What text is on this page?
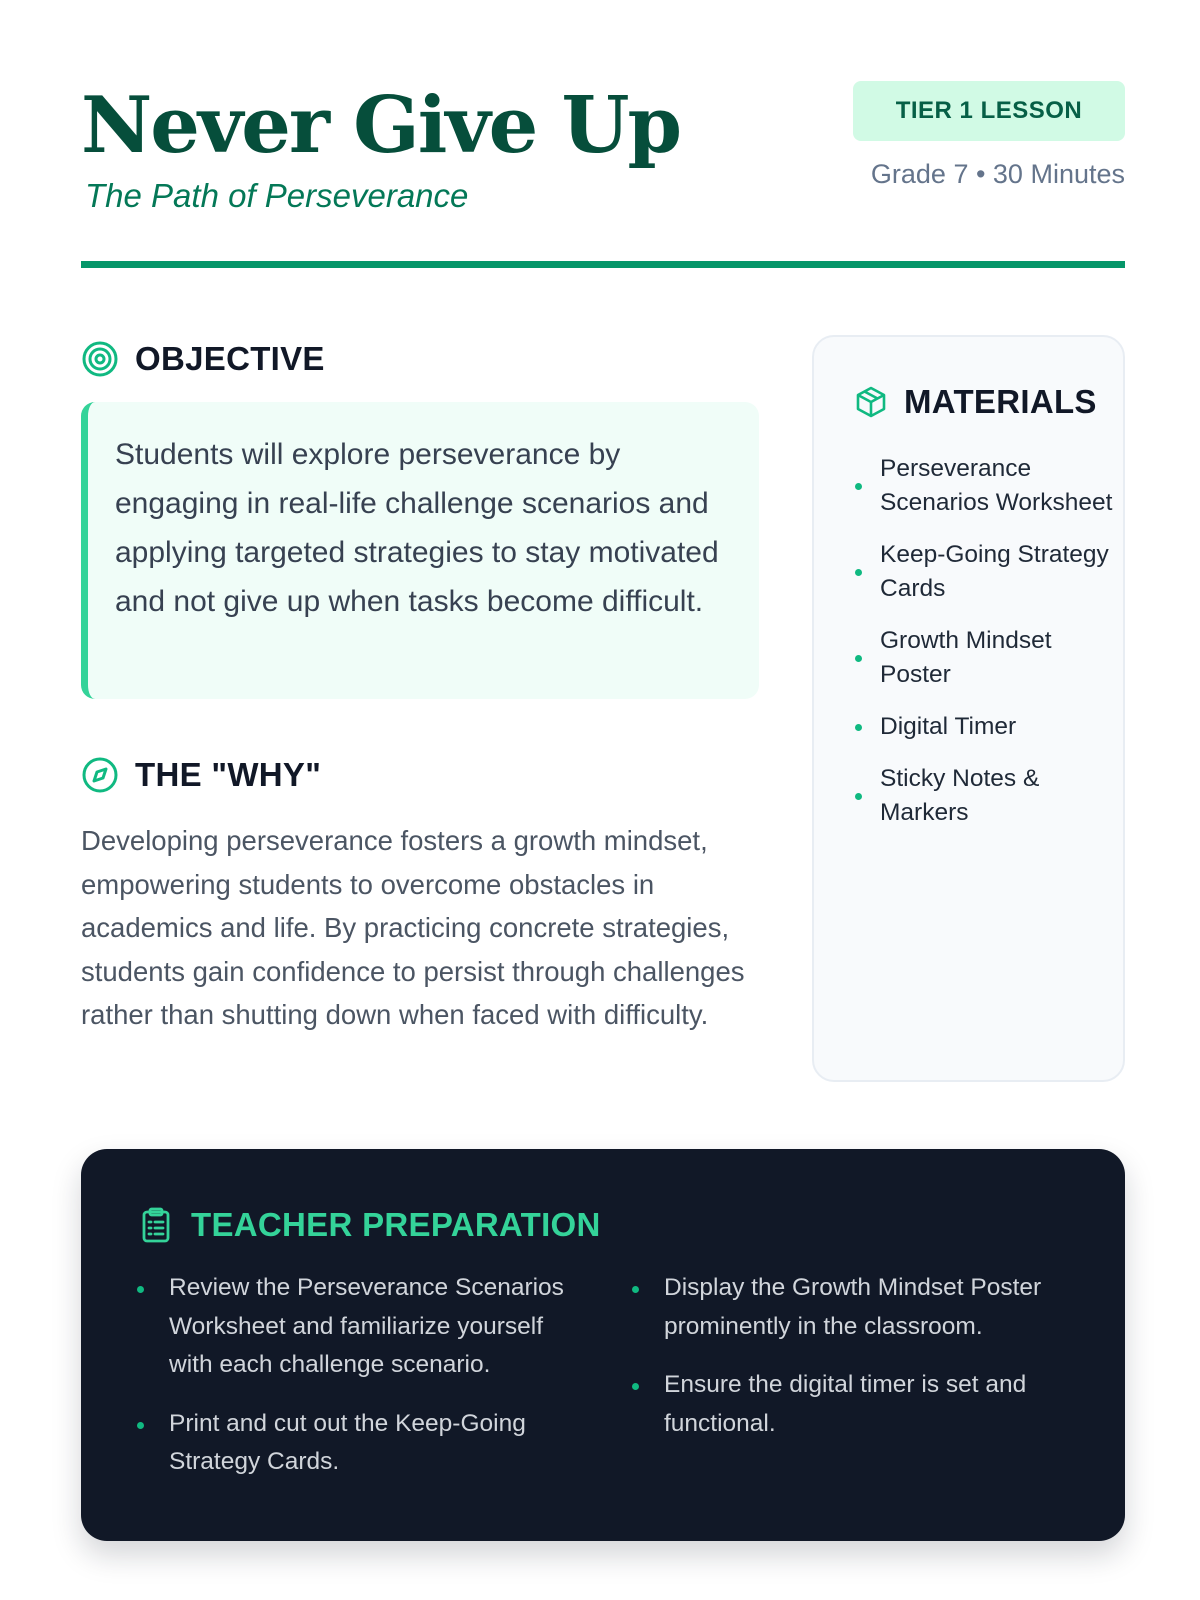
Never Give Up
The Path of Perseverance
TIER 1 LESSON
Grade 7 • 30 Minutes
OBJECTIVE

Students will explore perseverance by engaging in real-life challenge scenarios and applying targeted strategies to stay motivated and not give up when tasks become difficult.

THE "WHY"

Developing perseverance fosters a growth mindset, empowering students to overcome obstacles in academics and life. By practicing concrete strategies, students gain confidence to persist through challenges rather than shutting down when faced with difficulty.

MATERIALS
Perseverance Scenarios Worksheet
Keep-Going Strategy Cards
Growth Mindset Poster
Digital Timer
Sticky Notes & Markers
TEACHER PREPARATION
Review the Perseverance Scenarios Worksheet and familiarize yourself with each challenge scenario.
Print and cut out the Keep-Going Strategy Cards.
Display the Growth Mindset Poster prominently in the classroom.
Ensure the digital timer is set and functional.
